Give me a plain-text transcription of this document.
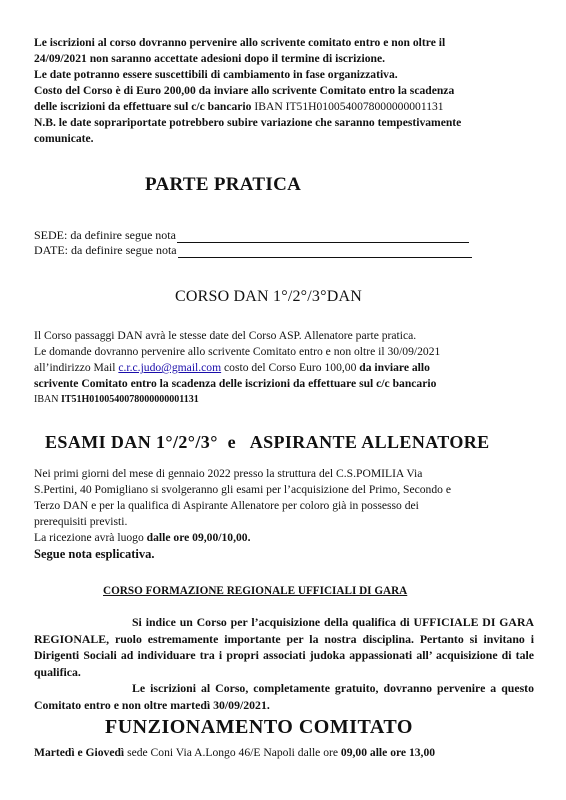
Le iscrizioni al corso dovranno pervenire allo scrivente comitato entro e non oltre il
24/09/2021 non saranno accettate adesioni dopo il termine di iscrizione.
Le date potranno essere suscettibili di cambiamento in fase organizzativa.
Costo del Corso è di Euro 200,00 da inviare allo scrivente Comitato entro la scadenza
delle iscrizioni da effettuare sul c/c bancario IBAN IT51H0100540078000000001131
N.B. le date soprariportate potrebbero subire variazione che saranno tempestivamente
comunicate.
PARTE PRATICA
SEDE: da definire segue nota
DATE: da definire segue nota
CORSO DAN 1°/2°/3°DAN
Il Corso passaggi DAN avrà le stesse date del Corso ASP. Allenatore parte pratica.
Le domande dovranno pervenire allo scrivente Comitato entro e non oltre il 30/09/2021
all’indirizzo Mail c.r.c.judo@gmail.com costo del Corso Euro 100,00 da inviare allo
scrivente Comitato entro la scadenza delle iscrizioni da effettuare sul c/c bancario
IBAN IT51H0100540078000000001131
ESAMI DAN 1°/2°/3°  e   ASPIRANTE ALLENATORE
Nei primi giorni del mese di gennaio 2022 presso la struttura del C.S.POMILIA Via
S.Pertini, 40 Pomigliano si svolgeranno gli esami per l’acquisizione del Primo, Secondo e
Terzo DAN e per la qualifica di Aspirante Allenatore per coloro già in possesso dei
prerequisiti previsti.
La ricezione avrà luogo dalle ore 09,00/10,00.
Segue nota esplicativa.
CORSO FORMAZIONE REGIONALE UFFICIALI DI GARA
Si indice un Corso per l’acquisizione della qualifica di UFFICIALE DI GARA REGIONALE, ruolo estremamente importante per la nostra disciplina. Pertanto si invitano i Dirigenti Sociali ad individuare tra i propri associati judoka appassionati all’ acquisizione di tale qualifica.
Le iscrizioni al Corso, completamente gratuito, dovranno pervenire a questo Comitato entro e non oltre martedì 30/09/2021.
FUNZIONAMENTO COMITATO
Martedì e Giovedì sede Coni Via A.Longo 46/E Napoli dalle ore 09,00 alle ore 13,00
